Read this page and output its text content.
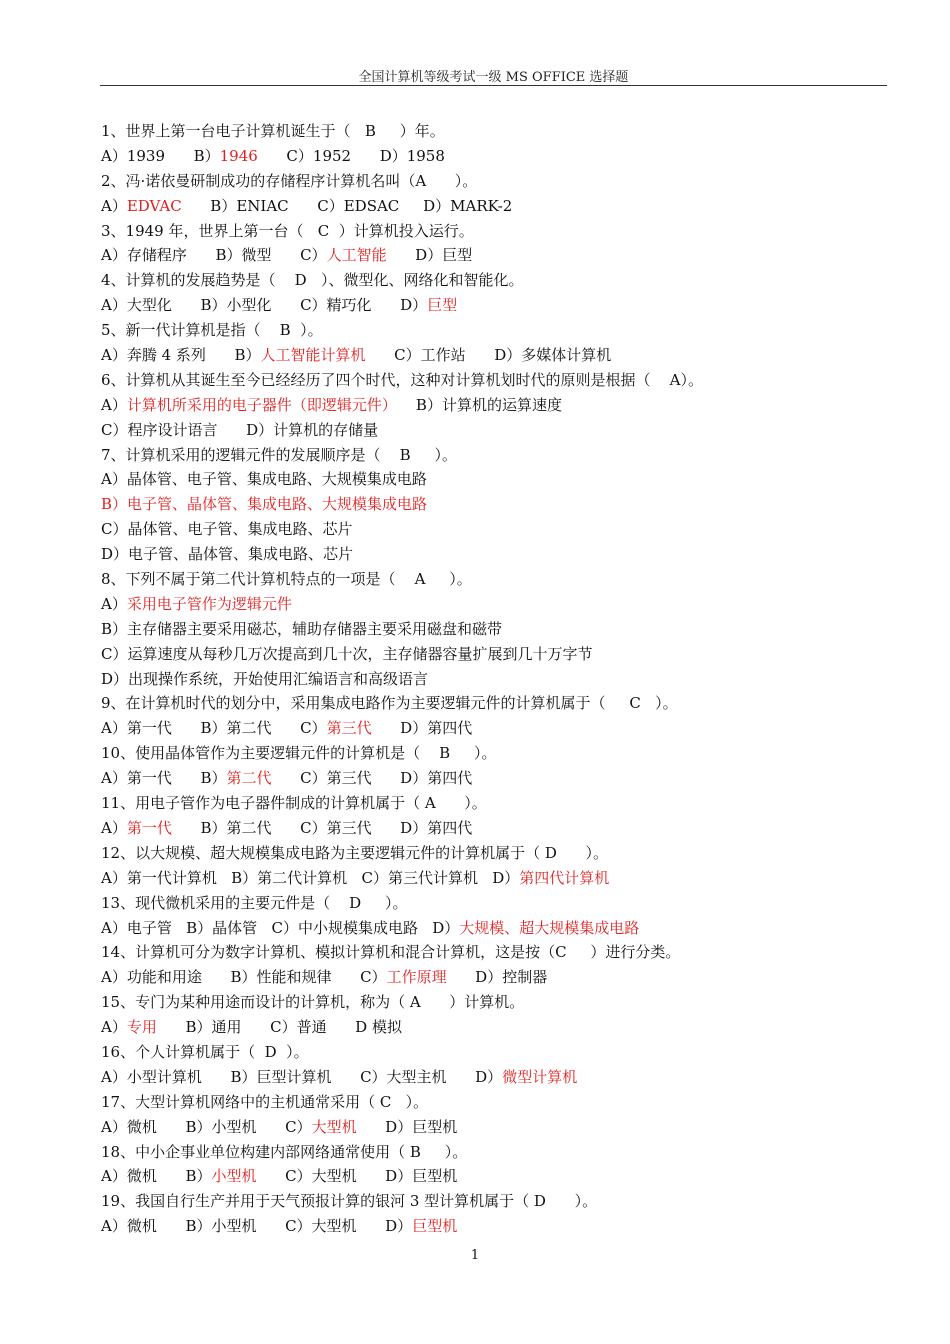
全国计算机等级考试一级 MS OFFICE 选择题
1、世界上第一台电子计算机诞生于（   B     ）年。
A）1939      B）1946      C）1952      D）1958
2、冯·诺依曼研制成功的存储程序计算机名叫（A      ）。
A）EDVAC      B）ENIAC      C）EDSAC     D）MARK-2
3、1949 年，世界上第一台（   C  ）计算机投入运行。
A）存储程序      B）微型      C）人工智能      D）巨型
4、计算机的发展趋势是（    D   ）、微型化、网络化和智能化。
A）大型化      B）小型化      C）精巧化      D）巨型
5、新一代计算机是指（    B  ）。
A）奔腾 4 系列      B）人工智能计算机      C）工作站      D）多媒体计算机
6、计算机从其诞生至今已经经历了四个时代，这种对计算机划时代的原则是根据（    A）。
A）计算机所采用的电子器件（即逻辑元件）    B）计算机的运算速度
C）程序设计语言      D）计算机的存储量
7、计算机采用的逻辑元件的发展顺序是（    B     ）。
A）晶体管、电子管、集成电路、大规模集成电路
B）电子管、晶体管、集成电路、大规模集成电路
C）晶体管、电子管、集成电路、芯片
D）电子管、晶体管、集成电路、芯片
8、下列不属于第二代计算机特点的一项是（    A     ）。
A）采用电子管作为逻辑元件
B）主存储器主要采用磁芯，辅助存储器主要采用磁盘和磁带
C）运算速度从每秒几万次提高到几十次，主存储器容量扩展到几十万字节
D）出现操作系统，开始使用汇编语言和高级语言
9、在计算机时代的划分中，采用集成电路作为主要逻辑元件的计算机属于（     C   ）。
A）第一代      B）第二代      C）第三代      D）第四代
10、使用晶体管作为主要逻辑元件的计算机是（    B     ）。
A）第一代      B）第二代      C）第三代      D）第四代
11、用电子管作为电子器件制成的计算机属于（ A      ）。
A）第一代      B）第二代      C）第三代      D）第四代
12、以大规模、超大规模集成电路为主要逻辑元件的计算机属于（ D      ）。
A）第一代计算机   B）第二代计算机   C）第三代计算机   D）第四代计算机
13、现代微机采用的主要元件是（    D     ）。
A）电子管   B）晶体管   C）中小规模集成电路   D）大规模、超大规模集成电路
14、计算机可分为数字计算机、模拟计算机和混合计算机，这是按（C     ）进行分类。
A）功能和用途      B）性能和规律      C）工作原理      D）控制器
15、专门为某种用途而设计的计算机，称为（ A      ）计算机。
A）专用      B）通用      C）普通      D 模拟
16、个人计算机属于（  D  ）。
A）小型计算机      B）巨型计算机      C）大型主机      D）微型计算机
17、大型计算机网络中的主机通常采用（ C   ）。
A）微机      B）小型机      C）大型机      D）巨型机
18、中小企事业单位构建内部网络通常使用（ B     ）。
A）微机      B）小型机      C）大型机      D）巨型机
19、我国自行生产并用于天气预报计算的银河 3 型计算机属于（ D      ）。
A）微机      B）小型机      C）大型机      D）巨型机
1
